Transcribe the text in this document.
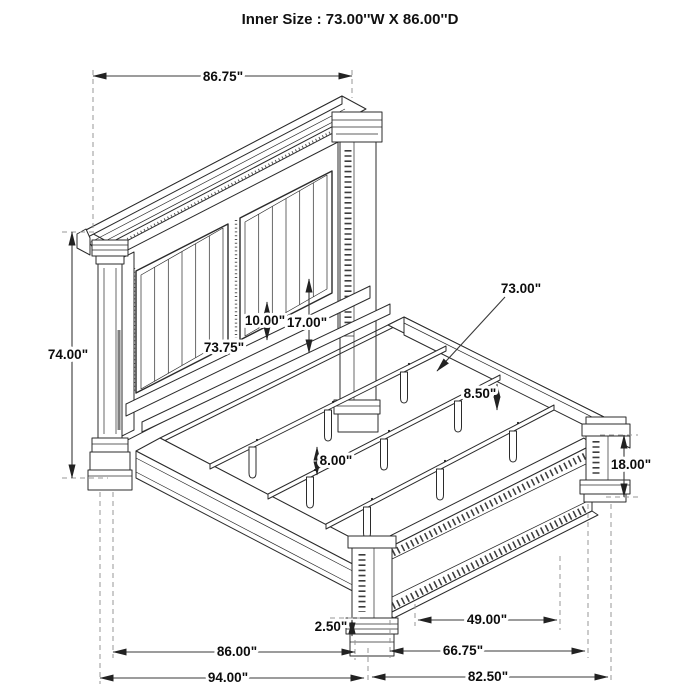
86.75"
74.00"	73.75"
10.00" 17.00"
73.00"
8.50"
8.00"	18.00"
2.50"	49.00"
86.00"	66.75"
94.00"	82.50"
Inner Size : 73.00''W X 86.00''D
